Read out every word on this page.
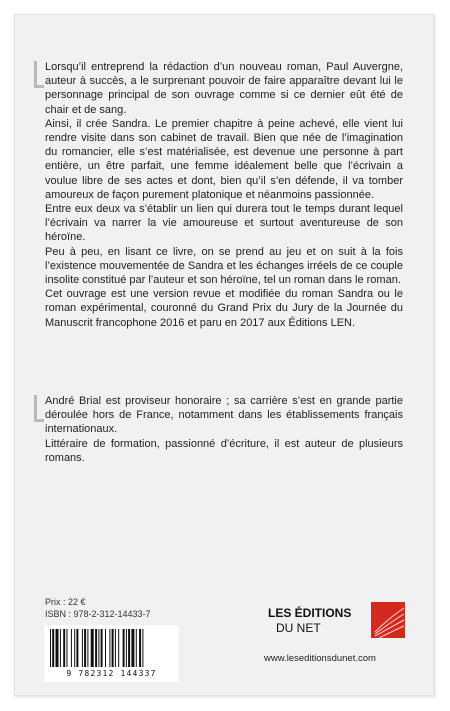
Lorsqu’il entreprend la rédaction d’un nouveau roman, Paul Auvergne, auteur à succès, a le surprenant pouvoir de faire apparaître devant lui le personnage principal de son ouvrage comme si ce dernier eût été de chair et de sang.

Ainsi, il crée Sandra. Le premier chapitre à peine achevé, elle vient lui rendre visite dans son cabinet de travail. Bien que née de l’imagination du romancier, elle s’est matérialisée, est devenue une personne à part entière, un être parfait, une femme idéalement belle que l’écrivain a voulue libre de ses actes et dont, bien qu’il s’en défende, il va tomber amoureux de façon purement platonique et néanmoins passionnée.

Entre eux deux va s’établir un lien qui durera tout le temps durant lequel l’écrivain va narrer la vie amoureuse et surtout aventureuse de son héroïne.

Peu à peu, en lisant ce livre, on se prend au jeu et on suit à la fois l’existence mouvementée de Sandra et les échanges irréels de ce couple insolite constitué par l’auteur et son héroïne, tel un roman dans le roman.

Cet ouvrage est une version revue et modifiée du roman Sandra ou le roman expérimental, couronné du Grand Prix du Jury de la Journée du Manuscrit francophone 2016 et paru en 2017 aux Éditions LEN.

André Brial est proviseur honoraire ; sa carrière s’est en grande partie déroulée hors de France, notamment dans les établissements français internationaux.

Littéraire de formation, passionné d’écriture, il est auteur de plusieurs romans.

Prix : 22 €
ISBN : 978-2-312-14433-7
9 782312 144337
LES ÉDITIONS
DU NET
www.leseditionsdunet.com
